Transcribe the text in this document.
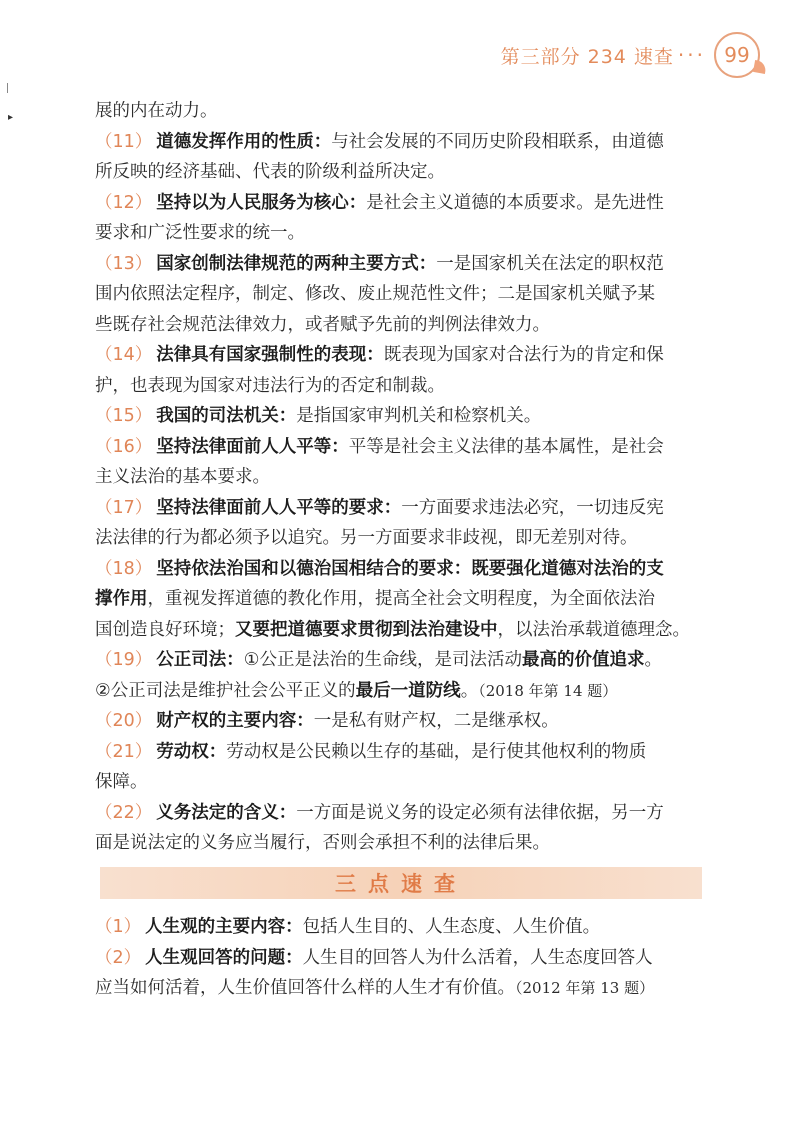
第三部分 234 速查 ··· 99
▸	展的内在动力。
（11） 道德发挥作用的性质：与社会发展的不同历史阶段相联系，由道德
所反映的经济基础、代表的阶级利益所决定。
（12） 坚持以为人民服务为核心：是社会主义道德的本质要求。是先进性
要求和广泛性要求的统一。
（13） 国家创制法律规范的两种主要方式：一是国家机关在法定的职权范
围内依照法定程序，制定、修改、废止规范性文件；二是国家机关赋予某
些既存社会规范法律效力，或者赋予先前的判例法律效力。
（14） 法律具有国家强制性的表现：既表现为国家对合法行为的肯定和保
护，也表现为国家对违法行为的否定和制裁。
（15） 我国的司法机关：是指国家审判机关和检察机关。
（16） 坚持法律面前人人平等：平等是社会主义法律的基本属性，是社会
主义法治的基本要求。
（17） 坚持法律面前人人平等的要求：一方面要求违法必究，一切违反宪
法法律的行为都必须予以追究。另一方面要求非歧视，即无差别对待。
（18） 坚持依法治国和以德治国相结合的要求：既要强化道德对法治的支
撑作用，重视发挥道德的教化作用，提高全社会文明程度，为全面依法治
国创造良好环境；又要把道德要求贯彻到法治建设中，以法治承载道德理念。
（19） 公正司法：①公正是法治的生命线，是司法活动最高的价值追求。
②公正司法是维护社会公平正义的最后一道防线。（2018 年第 14 题）
（20） 财产权的主要内容：一是私有财产权，二是继承权。
（21） 劳动权：劳动权是公民赖以生存的基础，是行使其他权利的物质
保障。
（22） 义务法定的含义：一方面是说义务的设定必须有法律依据，另一方
面是说法定的义务应当履行，否则会承担不利的法律后果。
三点速查
（1） 人生观的主要内容：包括人生目的、人生态度、人生价值。
（2） 人生观回答的问题：人生目的回答人为什么活着，人生态度回答人
应当如何活着，人生价值回答什么样的人生才有价值。（2012 年第 13 题）
